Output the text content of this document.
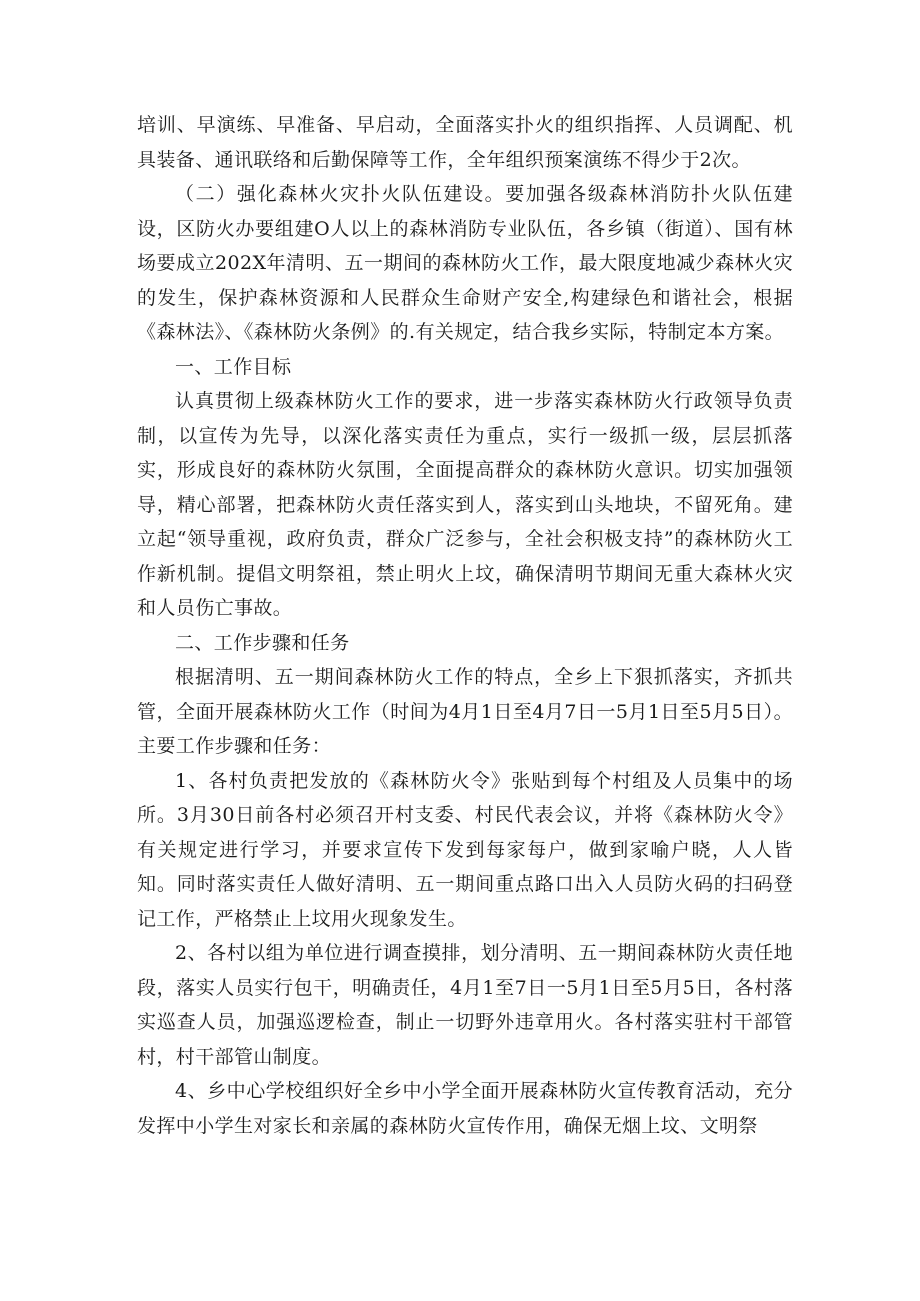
培训、早演练、早准备、早启动，全面落实扑火的组织指挥、人员调配、机具装备、通讯联络和后勤保障等工作，全年组织预案演练不得少于2次。

（二）强化森林火灾扑火队伍建设。要加强各级森林消防扑火队伍建设，区防火办要组建O人以上的森林消防专业队伍，各乡镇（街道）、国有林场要成立202X年清明、五一期间的森林防火工作，最大限度地减少森林火灾的发生，保护森林资源和人民群众生命财产安全,构建绿色和谐社会，根据《森林法》、《森林防火条例》的.有关规定，结合我乡实际，特制定本方案。

一、工作目标

认真贯彻上级森林防火工作的要求，进一步落实森林防火行政领导负责制，以宣传为先导，以深化落实责任为重点，实行一级抓一级，层层抓落实，形成良好的森林防火氛围，全面提高群众的森林防火意识。切实加强领导，精心部署，把森林防火责任落实到人，落实到山头地块，不留死角。建立起“领导重视，政府负责，群众广泛参与，全社会积极支持”的森林防火工作新机制。提倡文明祭祖，禁止明火上坟，确保清明节期间无重大森林火灾和人员伤亡事故。

二、工作步骤和任务

根据清明、五一期间森林防火工作的特点，全乡上下狠抓落实，齐抓共管，全面开展森林防火工作（时间为4月1日至4月7日一5月1日至5月5日）。主要工作步骤和任务：

1、各村负责把发放的《森林防火令》张贴到每个村组及人员集中的场所。3月30日前各村必须召开村支委、村民代表会议，并将《森林防火令》有关规定进行学习，并要求宣传下发到每家每户，做到家喻户晓，人人皆知。同时落实责任人做好清明、五一期间重点路口出入人员防火码的扫码登记工作，严格禁止上坟用火现象发生。

2、各村以组为单位进行调查摸排，划分清明、五一期间森林防火责任地段，落实人员实行包干，明确责任，4月1至7日一5月1日至5月5日，各村落实巡查人员，加强巡逻检查，制止一切野外违章用火。各村落实驻村干部管村，村干部管山制度。

4、乡中心学校组织好全乡中小学全面开展森林防火宣传教育活动，充分发挥中小学生对家长和亲属的森林防火宣传作用，确保无烟上坟、文明祭
